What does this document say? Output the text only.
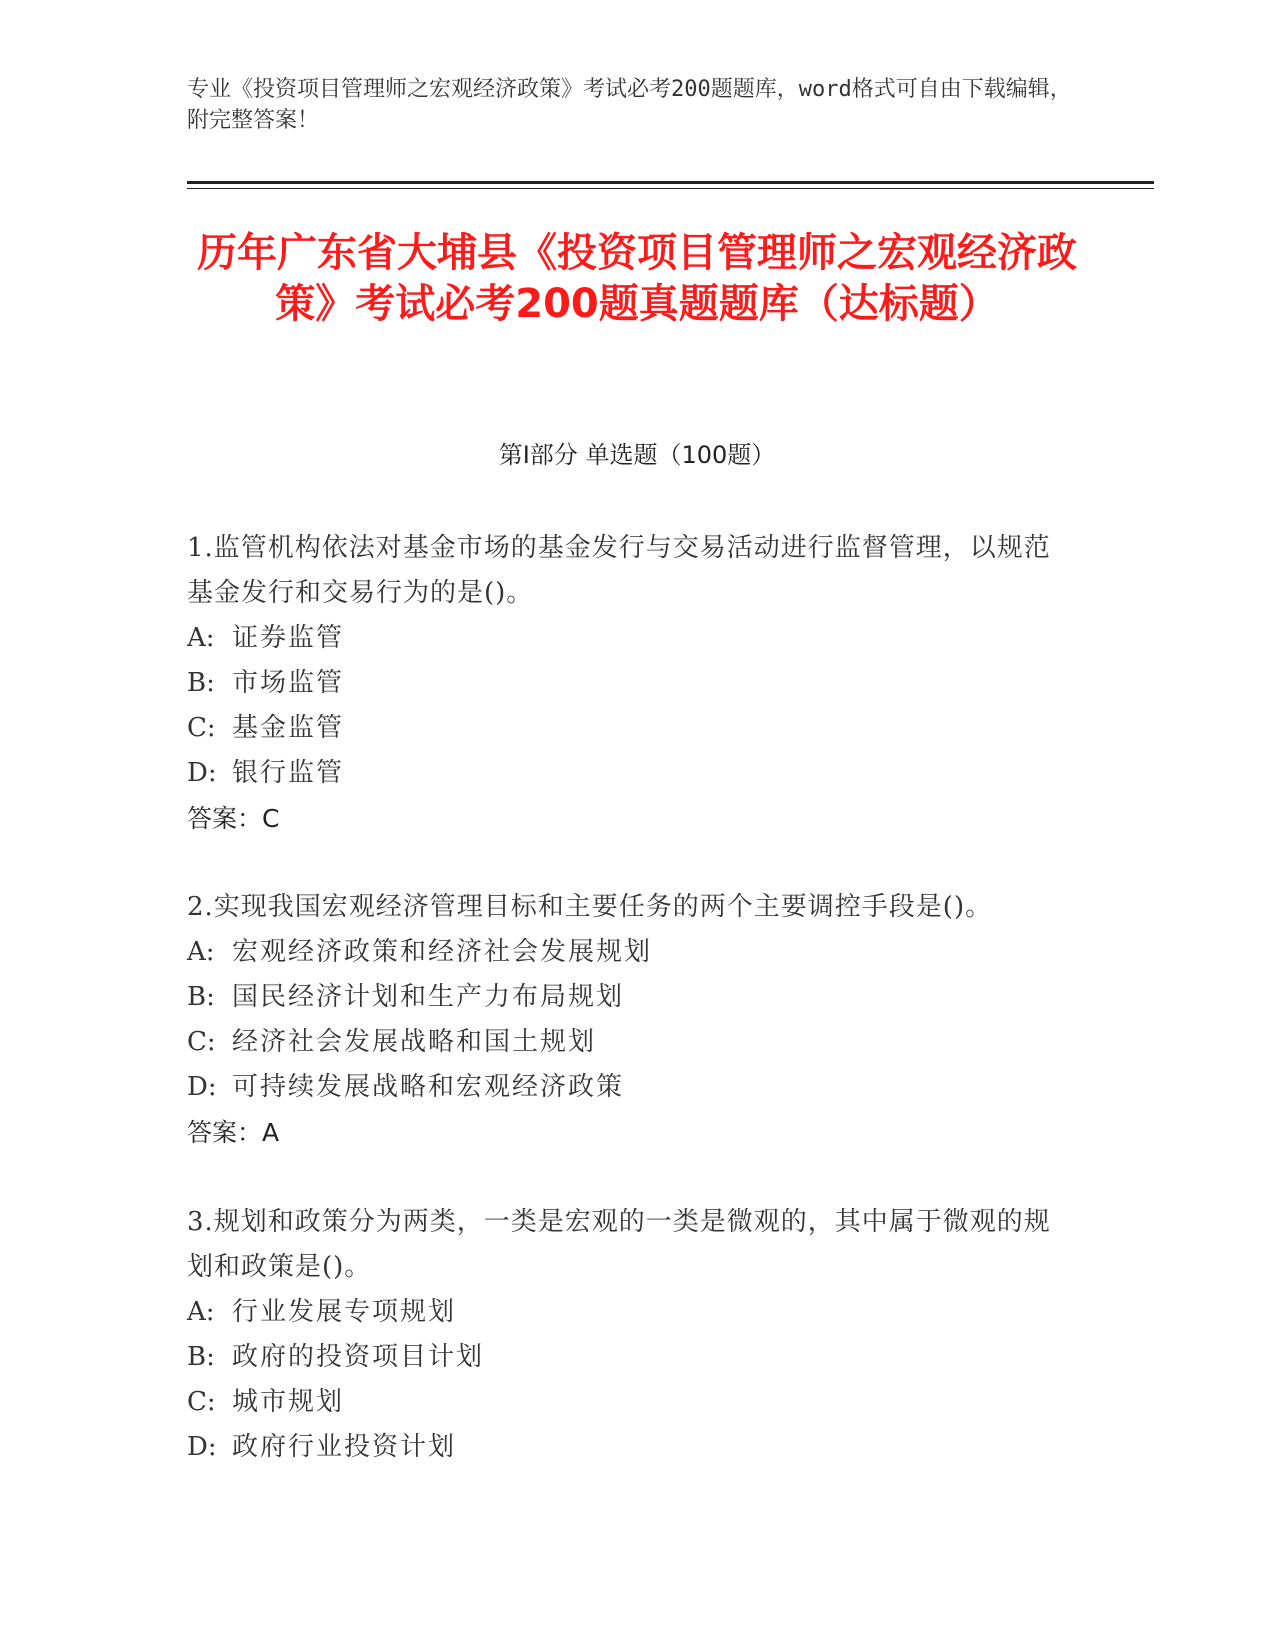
专业《投资项目管理师之宏观经济政策》考试必考200题题库，word格式可自由下载编辑，附完整答案！
历年广东省大埔县《投资项目管理师之宏观经济政策》考试必考200题真题题库（达标题）
第I部分 单选题（100题）
1.监管机构依法对基金市场的基金发行与交易活动进行监督管理，以规范基金发行和交易行为的是()。
A: 证券监管
B: 市场监管
C: 基金监管
D: 银行监管
答案：C
2.实现我国宏观经济管理目标和主要任务的两个主要调控手段是()。
A: 宏观经济政策和经济社会发展规划
B: 国民经济计划和生产力布局规划
C: 经济社会发展战略和国土规划
D: 可持续发展战略和宏观经济政策
答案：A
3.规划和政策分为两类，一类是宏观的一类是微观的，其中属于微观的规划和政策是()。
A: 行业发展专项规划
B: 政府的投资项目计划
C: 城市规划
D: 政府行业投资计划
